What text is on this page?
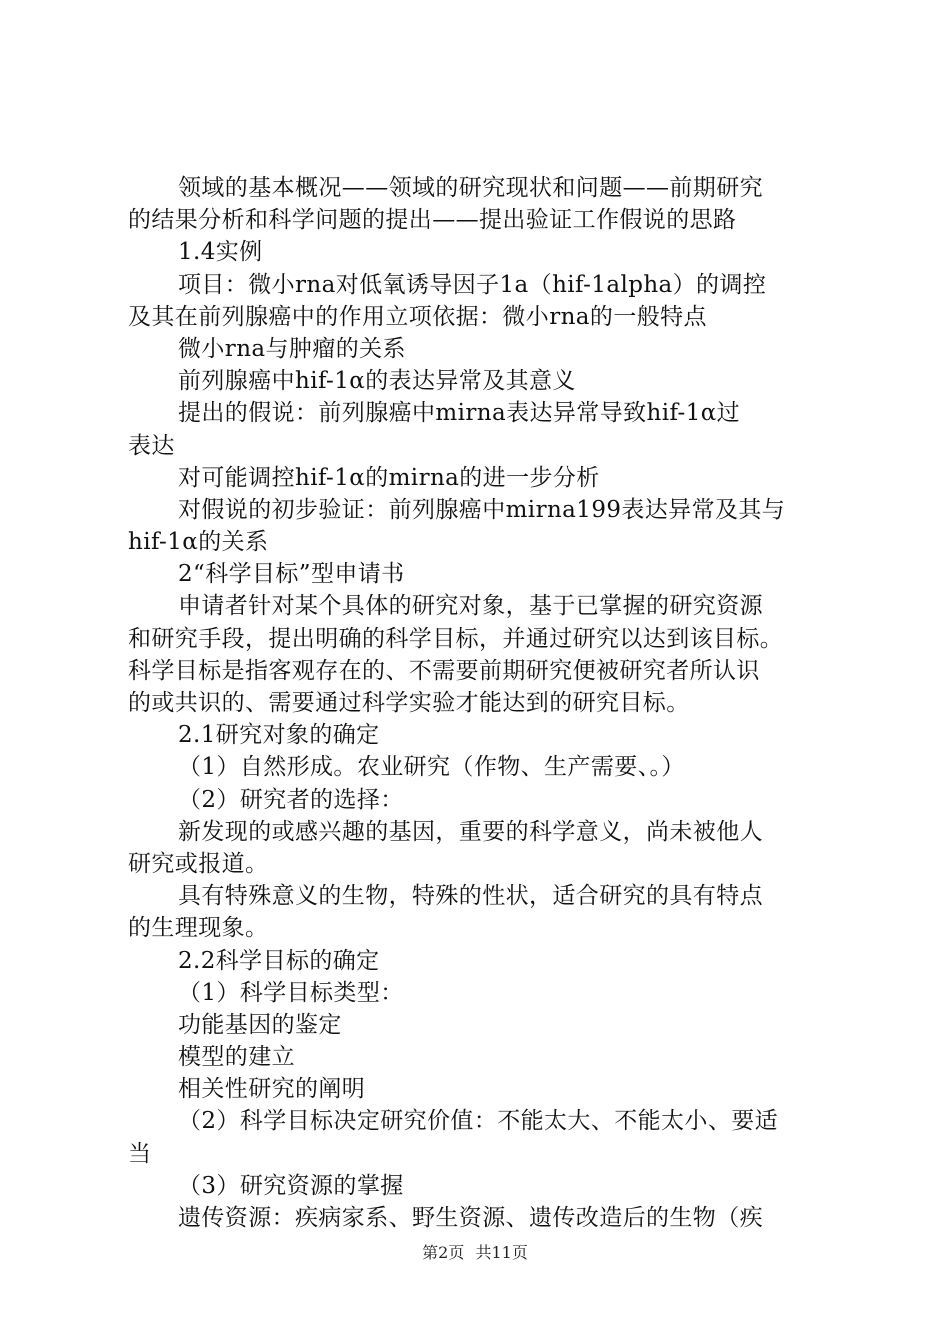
领域的基本概况——领域的研究现状和问题——前期研究
的结果分析和科学问题的提出——提出验证工作假说的思路
1.4实例
项目：微小rna对低氧诱导因子1a（hif-1alpha）的调控
及其在前列腺癌中的作用立项依据：微小rna的一般特点
微小rna与肿瘤的关系
前列腺癌中hif-1α的表达异常及其意义
提出的假说：前列腺癌中mirna表达异常导致hif-1α过
表达
对可能调控hif-1α的mirna的进一步分析
对假说的初步验证：前列腺癌中mirna199表达异常及其与
hif-1α的关系
2“科学目标”型申请书
申请者针对某个具体的研究对象，基于已掌握的研究资源
和研究手段，提出明确的科学目标，并通过研究以达到该目标。
科学目标是指客观存在的、不需要前期研究便被研究者所认识
的或共识的、需要通过科学实验才能达到的研究目标。
2.1研究对象的确定
（1）自然形成。农业研究（作物、生产需要、。）
（2）研究者的选择：
新发现的或感兴趣的基因，重要的科学意义，尚未被他人
研究或报道。
具有特殊意义的生物，特殊的性状，适合研究的具有特点
的生理现象。
2.2科学目标的确定
（1）科学目标类型：
功能基因的鉴定
模型的建立
相关性研究的阐明
（2）科学目标决定研究价值：不能太大、不能太小、要适
当
（3）研究资源的掌握
遗传资源：疾病家系、野生资源、遗传改造后的生物（疾
第2页 共11页
